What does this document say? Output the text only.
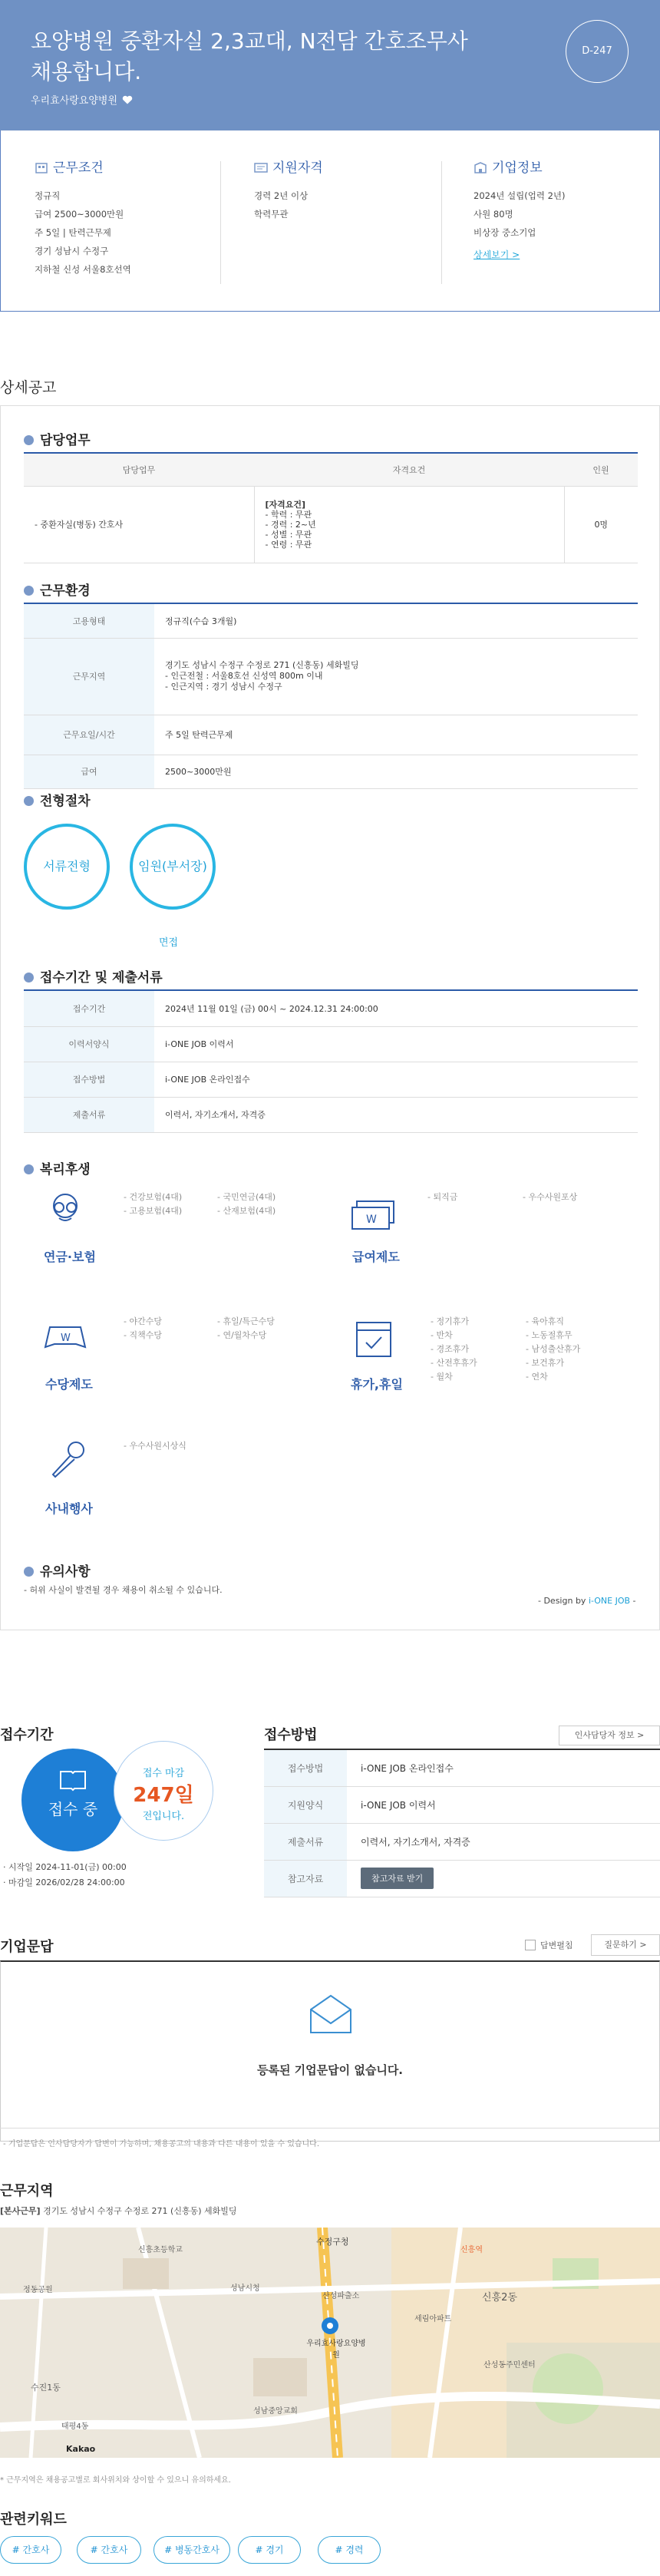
요양병원 중환자실 2,3교대, N전담 간호조무사 채용합니다.
우리효사랑요양병원
D-247
근무조건

정규직

급여 2500~3000만원

주 5일 | 탄력근무제

경기 성남시 수정구

지하철 신성 서울8호선역

지원자격

경력 2년 이상

학력무관

기업정보

2024년 설립(업력 2년)

사원 80명

비상장 중소기업

상세보기 >
상세공고
담당업무
담당업무	자격요건	인원
- 중환자실(병동) 간호사	[자격요건]
- 학력 : 무관
- 경력 : 2~년
- 성별 : 무관
- 연령 : 무관	0명
근무환경
고용형태	정규직(수습 3개월)
근무지역	경기도 성남시 수정구 수정로 271 (신흥동) 세화빌딩
- 인근전철 : 서울8호선 신성역 800m 이내
- 인근지역 : 경기 성남시 수정구
근무요일/시간	주 5일 탄력근무제
급여	2500~3000만원
전형절차
서류전형	임원(부서장)
면접
접수기간 및 제출서류
접수기간	2024년 11월 01일 (금) 00시 ~ 2024.12.31 24:00:00
이력서양식	i-ONE JOB 이력서
접수방법	i-ONE JOB 온라인접수
제출서류	이력서, 자기소개서, 자격증
복리후생
연금·보험
- 건강보험(4대)	- 국민연금(4대)
- 고용보험(4대)	- 산재보험(4대)
W
급여제도
- 퇴직금	- 우수사원포상
W
수당제도
- 야간수당	- 휴일/특근수당
- 직책수당	- 연/월차수당
휴가,휴일
- 정기휴가	- 육아휴직
- 반차	- 노동절휴무
- 경조휴가	- 남성출산휴가
- 산전후휴가	- 보건휴가
- 월차	- 연차
사내행사
- 우수사원시상식
유의사항
- 허위 사실이 발견될 경우 채용이 취소될 수 있습니다.
- Design by i-ONE JOB -
접수기간
접수 중
접수 마감
247일
전입니다.
· 시작일 2024-11-01(금) 00:00
· 마감일 2026/02/28 24:00:00
접수방법	인사담당자 정보 >
접수방법	i-ONE JOB 온라인접수
지원양식	i-ONE JOB 이력서
제출서류	이력서, 자기소개서, 자격증
참고자료	참고자료 받기
기업문답	답변펼침	질문하기 >
등록된 기업문답이 없습니다.
- 기업문답은 인사담당자가 답변이 가능하며, 채용공고의 내용과 다른 내용이 있을 수 있습니다.
근무지역
[본사근무] 경기도 성남시 수정구 수정로 271 (신흥동) 세화빌딩
수정구청
우리효사랑요양병원
신흥2동
세림아파트
산성동주민센터
성남중앙교회
신흥역
정동공원
수진1동
태평4동
신흥초등학교
산성파출소
성남시청
Kakao
* 근무지역은 채용공고별로 회사위치와 상이할 수 있으니 유의하세요.
관련키워드
# 간호사	# 간호사	# 병동간호사	# 경기	# 경력
